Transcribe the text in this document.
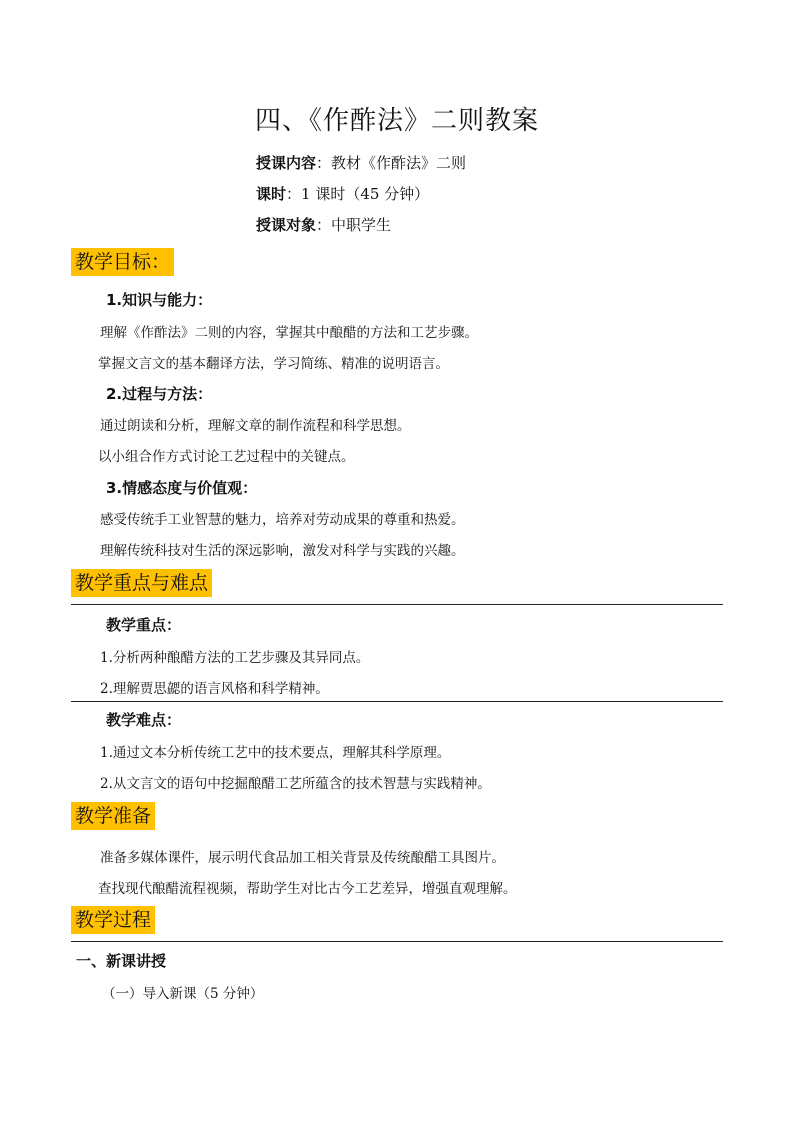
四、《作酢法》二则教案
授课内容：教材《作酢法》二则
课时：1 课时（45 分钟）
授课对象：中职学生
教学目标：
1.知识与能力：
理解《作酢法》二则的内容，掌握其中酿醋的方法和工艺步骤。
掌握文言文的基本翻译方法，学习简练、精准的说明语言。
2.过程与方法：
通过朗读和分析，理解文章的制作流程和科学思想。
以小组合作方式讨论工艺过程中的关键点。
3.情感态度与价值观：
感受传统手工业智慧的魅力，培养对劳动成果的尊重和热爱。
理解传统科技对生活的深远影响，激发对科学与实践的兴趣。
教学重点与难点
教学重点：
1.分析两种酿醋方法的工艺步骤及其异同点。
2.理解贾思勰的语言风格和科学精神。
教学难点：
1.通过文本分析传统工艺中的技术要点，理解其科学原理。
2.从文言文的语句中挖掘酿醋工艺所蕴含的技术智慧与实践精神。
教学准备
准备多媒体课件，展示明代食品加工相关背景及传统酿醋工具图片。
查找现代酿醋流程视频，帮助学生对比古今工艺差异，增强直观理解。
教学过程
一、新课讲授
（一）导入新课（5 分钟）
